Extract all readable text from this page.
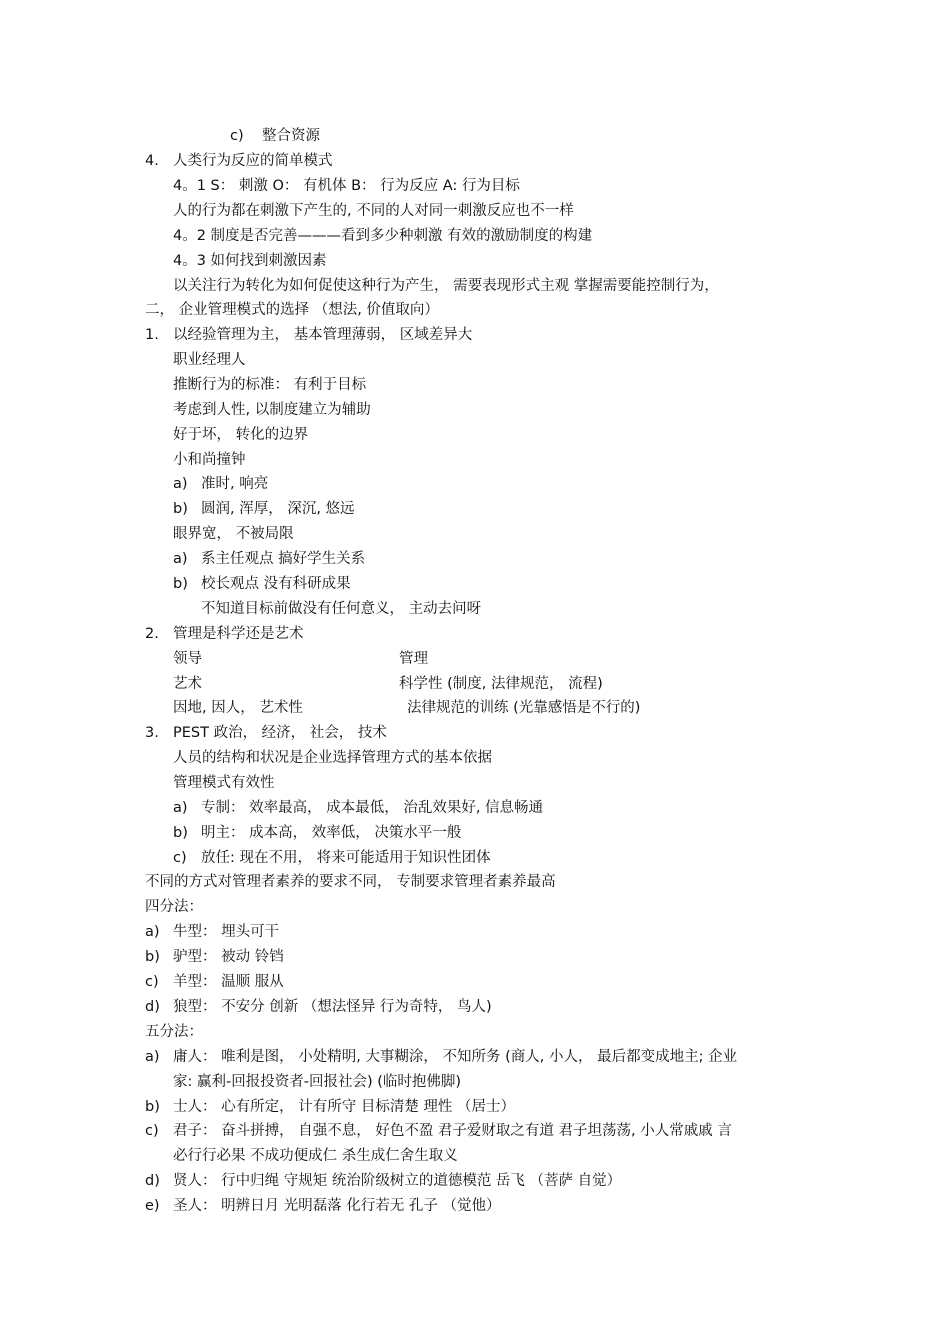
c)	整合资源
4. 人类行为反应的简单模式
4。1 S： 刺激 O： 有机体 B： 行为反应 A: 行为目标
人的行为都在刺激下产生的, 不同的人对同一刺激反应也不一样
4。2 制度是否完善———看到多少种刺激 有效的激励制度的构建
4。3 如何找到刺激因素
以关注行为转化为如何促使这种行为产生， 需要表现形式主观 掌握需要能控制行为，
二， 企业管理模式的选择 （想法, 价值取向）
1. 以经验管理为主， 基本管理薄弱， 区域差异大
职业经理人
推断行为的标准： 有利于目标
考虑到人性, 以制度建立为辅助
好于坏， 转化的边界
小和尚撞钟
a) 准时, 响亮
b) 圆润, 浑厚， 深沉, 悠远
眼界宽， 不被局限
a) 系主任观点 搞好学生关系
b) 校长观点 没有科研成果
不知道目标前做没有任何意义， 主动去问呀
2. 管理是科学还是艺术
领导	管理
艺术	科学性 (制度, 法律规范， 流程)
因地, 因人， 艺术性	法律规范的训练 (光靠感悟是不行的)
3. PEST 政治， 经济， 社会， 技术
人员的结构和状况是企业选择管理方式的基本依据
管理模式有效性
a) 专制： 效率最高， 成本最低， 治乱效果好, 信息畅通
b) 明主： 成本高， 效率低， 决策水平一般
c) 放任: 现在不用， 将来可能适用于知识性团体
不同的方式对管理者素养的要求不同， 专制要求管理者素养最高
四分法：
a) 牛型： 埋头可干
b) 驴型： 被动 铃铛
c) 羊型： 温顺 服从
d) 狼型： 不安分 创新 （想法怪异 行为奇特， 鸟人)
五分法：
a) 庸人： 唯利是图， 小处精明, 大事糊涂， 不知所务 (商人, 小人， 最后都变成地主; 企业
家: 赢利-回报投资者-回报社会) (临时抱佛脚)
b) 士人： 心有所定， 计有所守 目标清楚 理性 （居士）
c) 君子： 奋斗拼搏， 自强不息， 好色不盈 君子爱财取之有道 君子坦荡荡, 小人常戚戚 言
必行行必果 不成功便成仁 杀生成仁舍生取义
d) 贤人： 行中归绳 守规矩 统治阶级树立的道德模范 岳飞 （菩萨 自觉）
e) 圣人： 明辨日月 光明磊落 化行若无 孔子 （觉他）
